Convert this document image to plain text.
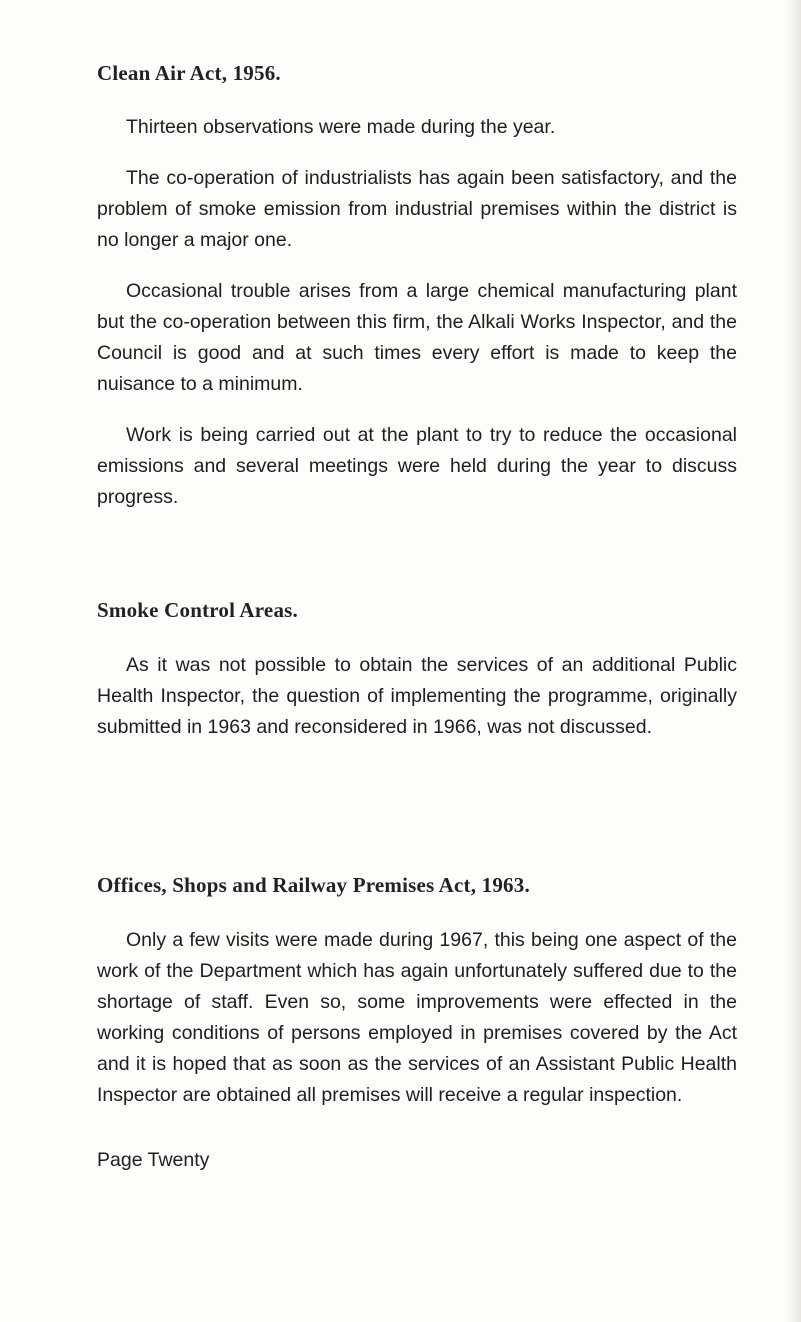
Clean Air Act, 1956.

Thirteen observations were made during the year.

The co-operation of industrialists has again been satisfactory, and the problem of smoke emission from industrial premises within the district is no longer a major one.

Occasional trouble arises from a large chemical manufacturing plant but the co-operation between this firm, the Alkali Works Inspector, and the Council is good and at such times every effort is made to keep the nuisance to a minimum.

Work is being carried out at the plant to try to reduce the occasional emissions and several meetings were held during the year to discuss progress.

Smoke Control Areas.

As it was not possible to obtain the services of an additional Public Health Inspector, the question of implementing the programme, originally submitted in 1963 and reconsidered in 1966, was not discussed.

Offices, Shops and Railway Premises Act, 1963.

Only a few visits were made during 1967, this being one aspect of the work of the Department which has again unfortunately suffered due to the shortage of staff. Even so, some improvements were effected in the working conditions of persons employed in premises covered by the Act and it is hoped that as soon as the services of an Assistant Public Health Inspector are obtained all premises will receive a regular inspection.

Page Twenty
